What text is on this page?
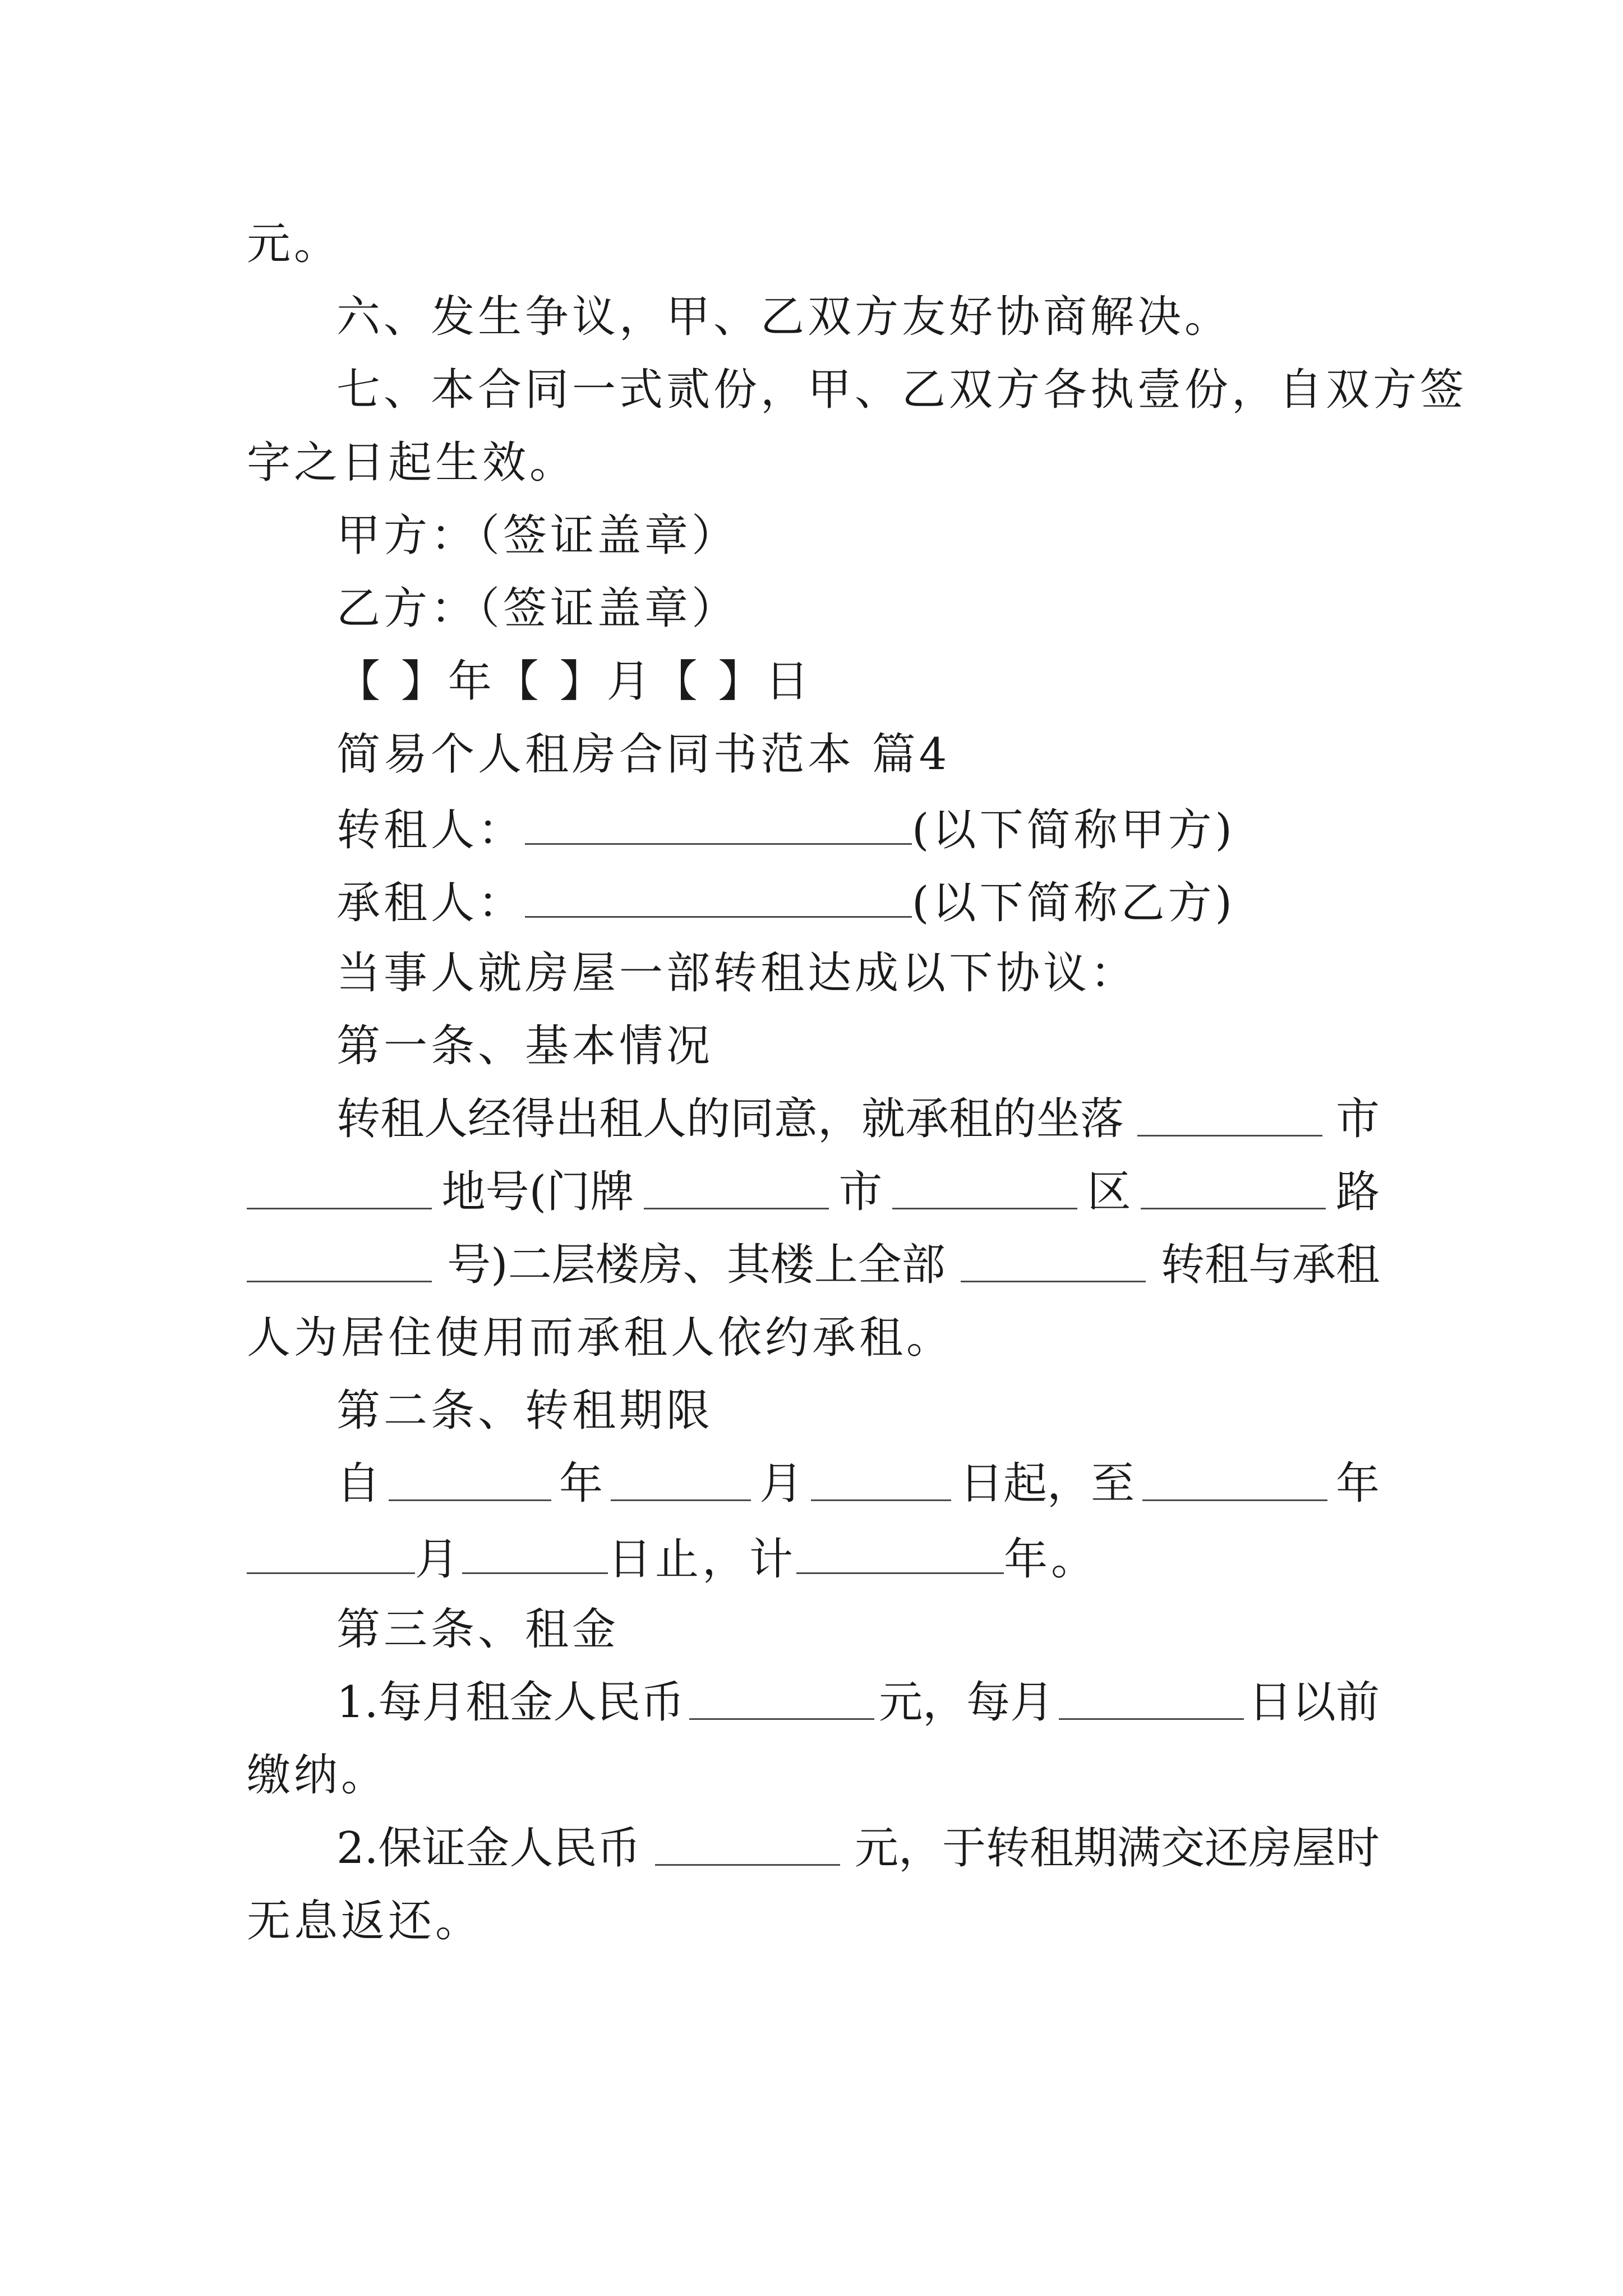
元。
六、发生争议，甲、乙双方友好协商解决。
七、本合同一式贰份，甲、乙双方各执壹份，自双方签
字之日起生效。
甲方：（签证盖章）
乙方：（签证盖章）
【 】年【 】月【 】日
简易个人租房合同书范本 篇4
转租人：	(以下简称甲方)
承租人：	(以下简称乙方)
当事人就房屋一部转租达成以下协议：
第一条、基本情况
转租人经得出租人的同意，就承租的坐落	市
地号(门牌	市	区	路
号)二层楼房、其楼上全部	转租与承租
人为居住使用而承租人依约承租。
第二条、转租期限
自	年	月	日起，至	年
月	日止，计	年。
第三条、租金
1.每月租金人民币	元，每月	日以前
缴纳。
2.保证金人民币	元，于转租期满交还房屋时
无息返还。
